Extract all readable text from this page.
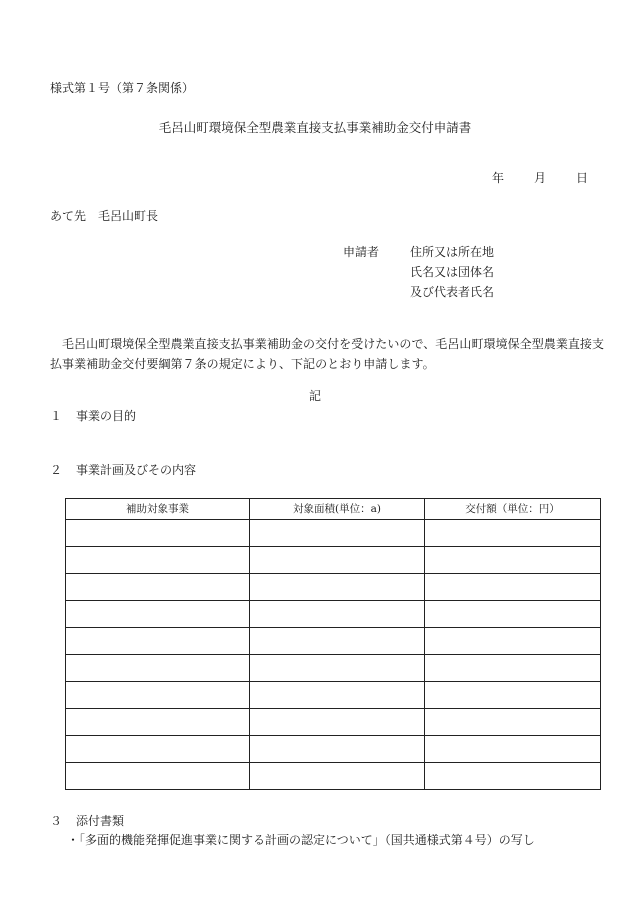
様式第１号（第７条関係）
毛呂山町環境保全型農業直接支払事業補助金交付申請書
年	月	日
あて先　毛呂山町長
申請者	住所又は所在地
氏名又は団体名
及び代表者氏名
毛呂山町環境保全型農業直接支払事業補助金の交付を受けたいので、毛呂山町環境保全型農業直接支払事業補助金交付要綱第７条の規定により、下記のとおり申請します。
記
１ 事業の目的
２ 事業計画及びその内容
補助対象事業	対象面積(単位：a)	交付額（単位：円）

３ 添付書類
・「多面的機能発揮促進事業に関する計画の認定について」（国共通様式第４号）の写し
